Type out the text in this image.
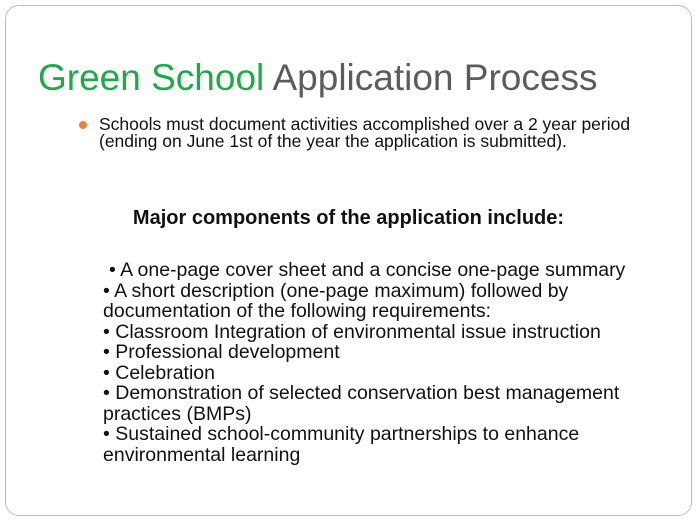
Green School Application Process
Schools must document activities accomplished over a 2 year period (ending on June 1st of the year the application is submitted).

Major components of the application include:

• A one-page cover sheet and a concise one-page summary
• A short description (one-page maximum) followed by documentation of the following requirements:
• Classroom Integration of environmental issue instruction
• Professional development
• Celebration
• Demonstration of selected conservation best management practices (BMPs)
• Sustained school-community partnerships to enhance environmental learning
